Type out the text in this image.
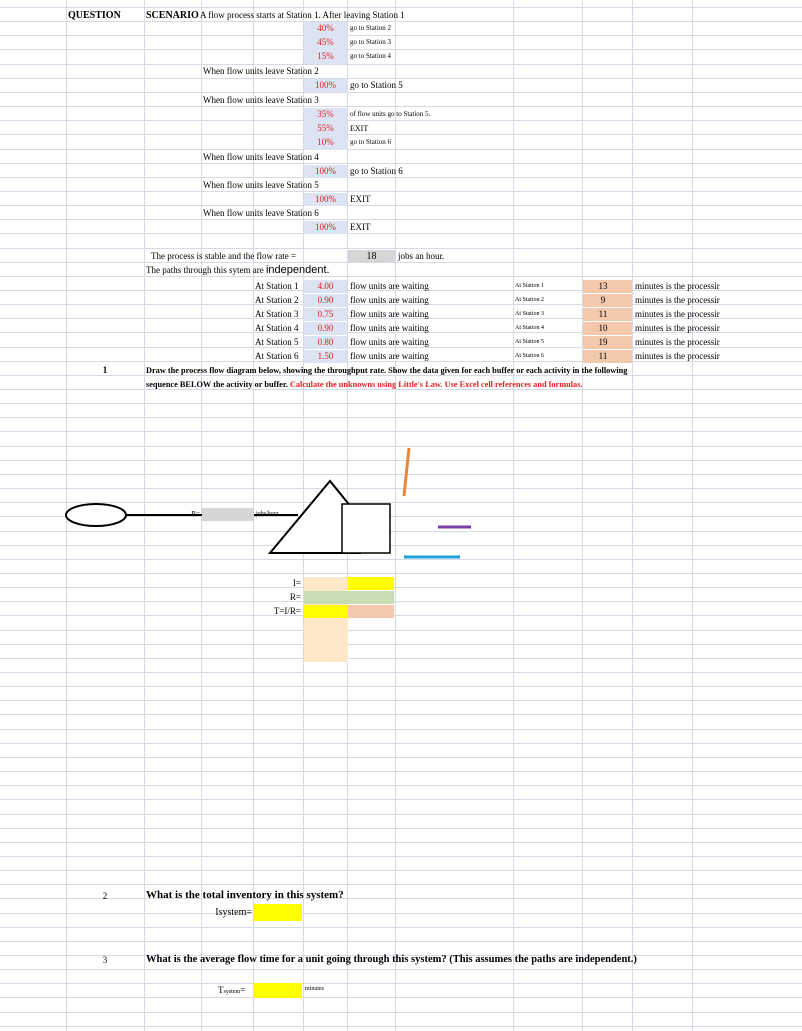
QUESTION	SCENARIO A flow process starts at Station 1. After leaving Station 1
40%	go to Station 2
45%	go to Station 3
15%	go to Station 4
When flow units leave Station 2
100%	go to Station 5
When flow units leave Station 3
35%	of flow units go to Station 5.
55%	EXIT
10%	go to Station 6
When flow units leave Station 4
100%	go to Station 6
When flow units leave Station 5
100%	EXIT
When flow units leave Station 6
100%	EXIT
The process is stable and the flow rate =	18	jobs an hour.
The paths through this sytem are independent.
At Station 1	4.00	flow units are waiting	At Station 1	13	minutes is the processir
At Station 2	0.90	flow units are waiting	At Station 2	9	minutes is the processir
At Station 3	0.75	flow units are waiting	At Station 3	11	minutes is the processir
At Station 4	0.90	flow units are waiting	At Station 4	10	minutes is the processir
At Station 5	0.80	flow units are waiting	At Station 5	19	minutes is the processir
At Station 6	1.50	flow units are waiting	At Station 6	11	minutes is the processir
1	Draw the process flow diagram below, showing the throughput rate. Show the data given for each buffer or each activity in the following
sequence BELOW the activity or buffer. Calculate the unknowns using Little's Law. Use Excel cell references and formulas.
R=	jobs/hour
I=
R=
T=I/R=
2	What is the total inventory in this system?
Isystem=
3	What is the average flow time for a unit going through this system? (This assumes the paths are independent.)
Tsystem=	minutes
